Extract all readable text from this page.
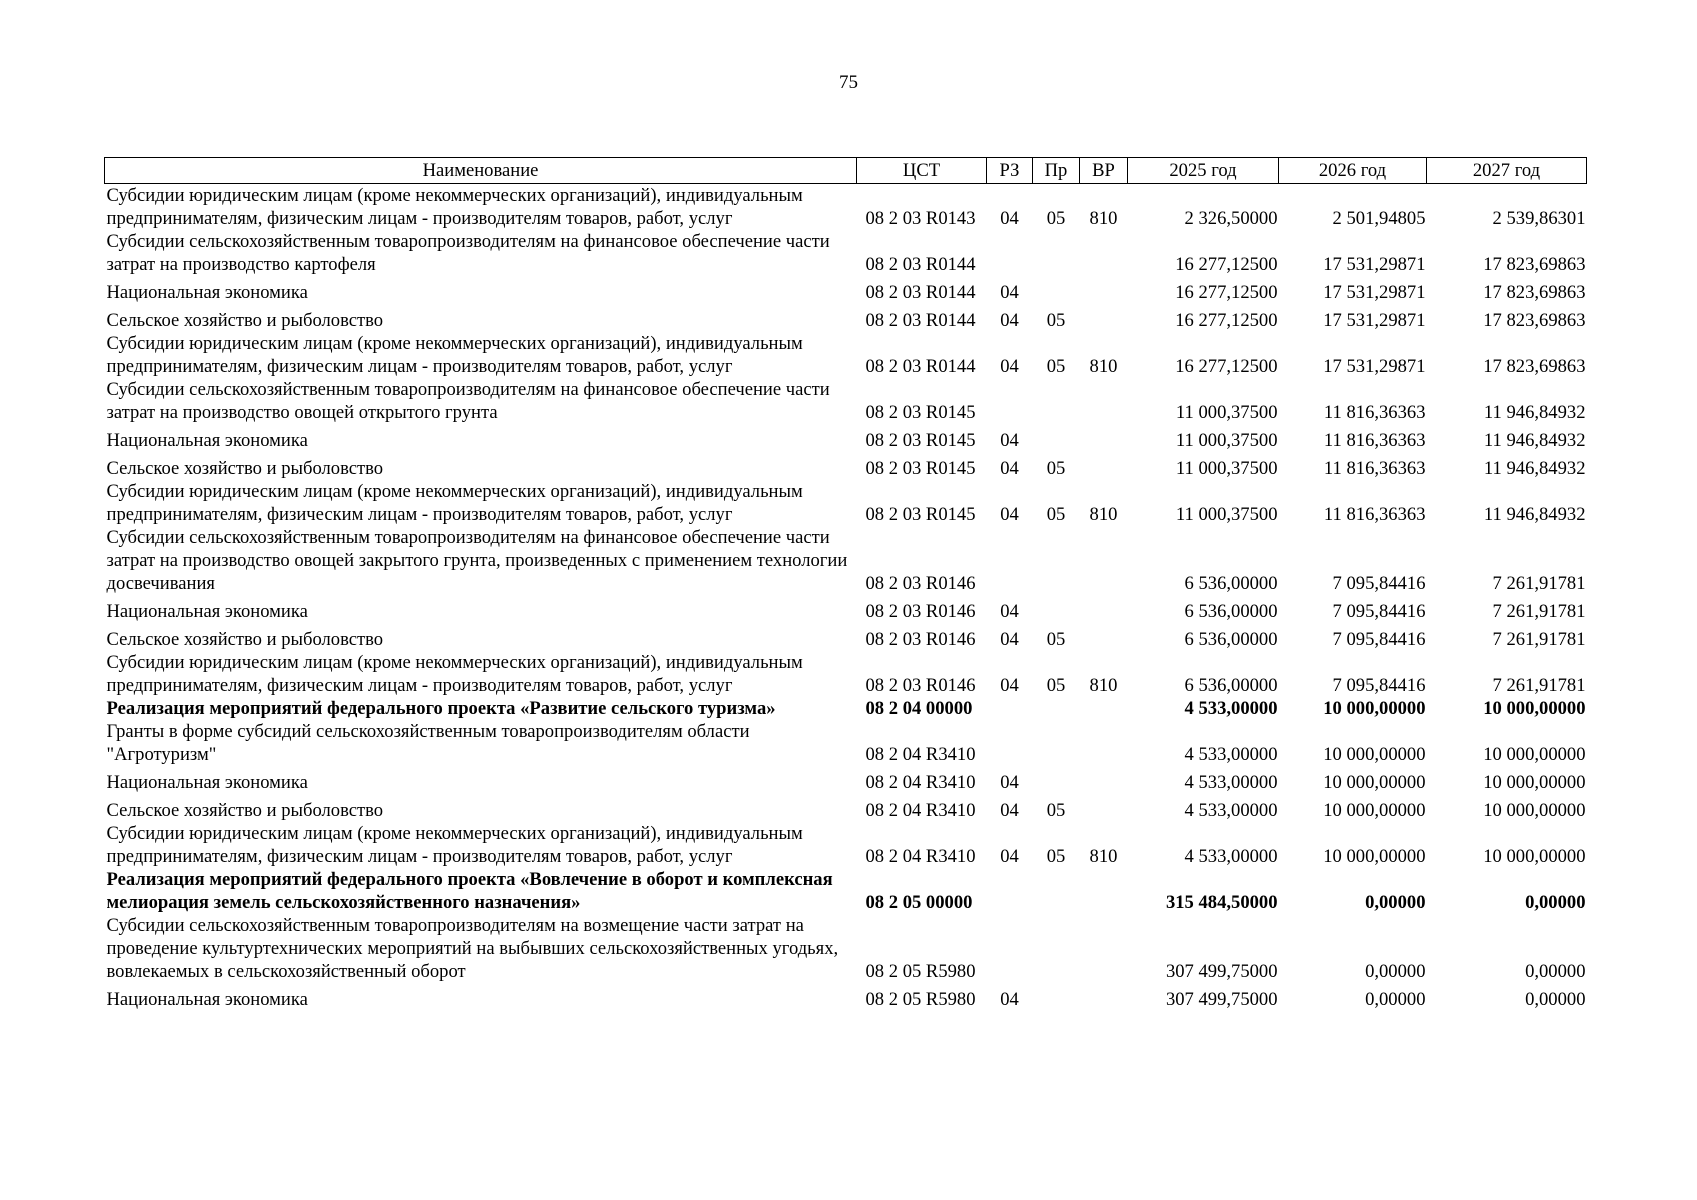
75
Наименование	ЦСТ	РЗ	Пр	ВР	2025 год	2026 год	2027 год
Субсидии юридическим лицам (кроме некоммерческих организаций), индивидуальным предпринимателям, физическим лицам - производителям товаров, работ, услуг	08 2 03 R0143	04	05	810	2 326,50000	2 501,94805	2 539,86301
Субсидии сельскохозяйственным товаропроизводителям на финансовое обеспечение части затрат на производство картофеля	08 2 03 R0144				16 277,12500	17 531,29871	17 823,69863
Национальная экономика	08 2 03 R0144	04			16 277,12500	17 531,29871	17 823,69863
Сельское хозяйство и рыболовство	08 2 03 R0144	04	05		16 277,12500	17 531,29871	17 823,69863
Субсидии юридическим лицам (кроме некоммерческих организаций), индивидуальным предпринимателям, физическим лицам - производителям товаров, работ, услуг	08 2 03 R0144	04	05	810	16 277,12500	17 531,29871	17 823,69863
Субсидии сельскохозяйственным товаропроизводителям на финансовое обеспечение части затрат на производство овощей открытого грунта	08 2 03 R0145				11 000,37500	11 816,36363	11 946,84932
Национальная экономика	08 2 03 R0145	04			11 000,37500	11 816,36363	11 946,84932
Сельское хозяйство и рыболовство	08 2 03 R0145	04	05		11 000,37500	11 816,36363	11 946,84932
Субсидии юридическим лицам (кроме некоммерческих организаций), индивидуальным предпринимателям, физическим лицам - производителям товаров, работ, услуг	08 2 03 R0145	04	05	810	11 000,37500	11 816,36363	11 946,84932
Субсидии сельскохозяйственным товаропроизводителям на финансовое обеспечение части затрат на производство овощей закрытого грунта, произведенных с применением технологии досвечивания	08 2 03 R0146				6 536,00000	7 095,84416	7 261,91781
Национальная экономика	08 2 03 R0146	04			6 536,00000	7 095,84416	7 261,91781
Сельское хозяйство и рыболовство	08 2 03 R0146	04	05		6 536,00000	7 095,84416	7 261,91781
Субсидии юридическим лицам (кроме некоммерческих организаций), индивидуальным предпринимателям, физическим лицам - производителям товаров, работ, услуг	08 2 03 R0146	04	05	810	6 536,00000	7 095,84416	7 261,91781
Реализация мероприятий федерального проекта «Развитие сельского туризма»	08 2 04 00000				4 533,00000	10 000,00000	10 000,00000
Гранты в форме субсидий сельскохозяйственным товаропроизводителям области "Агротуризм"	08 2 04 R3410				4 533,00000	10 000,00000	10 000,00000
Национальная экономика	08 2 04 R3410	04			4 533,00000	10 000,00000	10 000,00000
Сельское хозяйство и рыболовство	08 2 04 R3410	04	05		4 533,00000	10 000,00000	10 000,00000
Субсидии юридическим лицам (кроме некоммерческих организаций), индивидуальным предпринимателям, физическим лицам - производителям товаров, работ, услуг	08 2 04 R3410	04	05	810	4 533,00000	10 000,00000	10 000,00000
Реализация мероприятий федерального проекта «Вовлечение в оборот и комплексная мелиорация земель сельскохозяйственного назначения»	08 2 05 00000				315 484,50000	0,00000	0,00000
Субсидии сельскохозяйственным товаропроизводителям на возмещение части затрат на проведение культуртехнических мероприятий на выбывших сельскохозяйственных угодьях, вовлекаемых в сельскохозяйственный оборот	08 2 05 R5980				307 499,75000	0,00000	0,00000
Национальная экономика	08 2 05 R5980	04			307 499,75000	0,00000	0,00000
